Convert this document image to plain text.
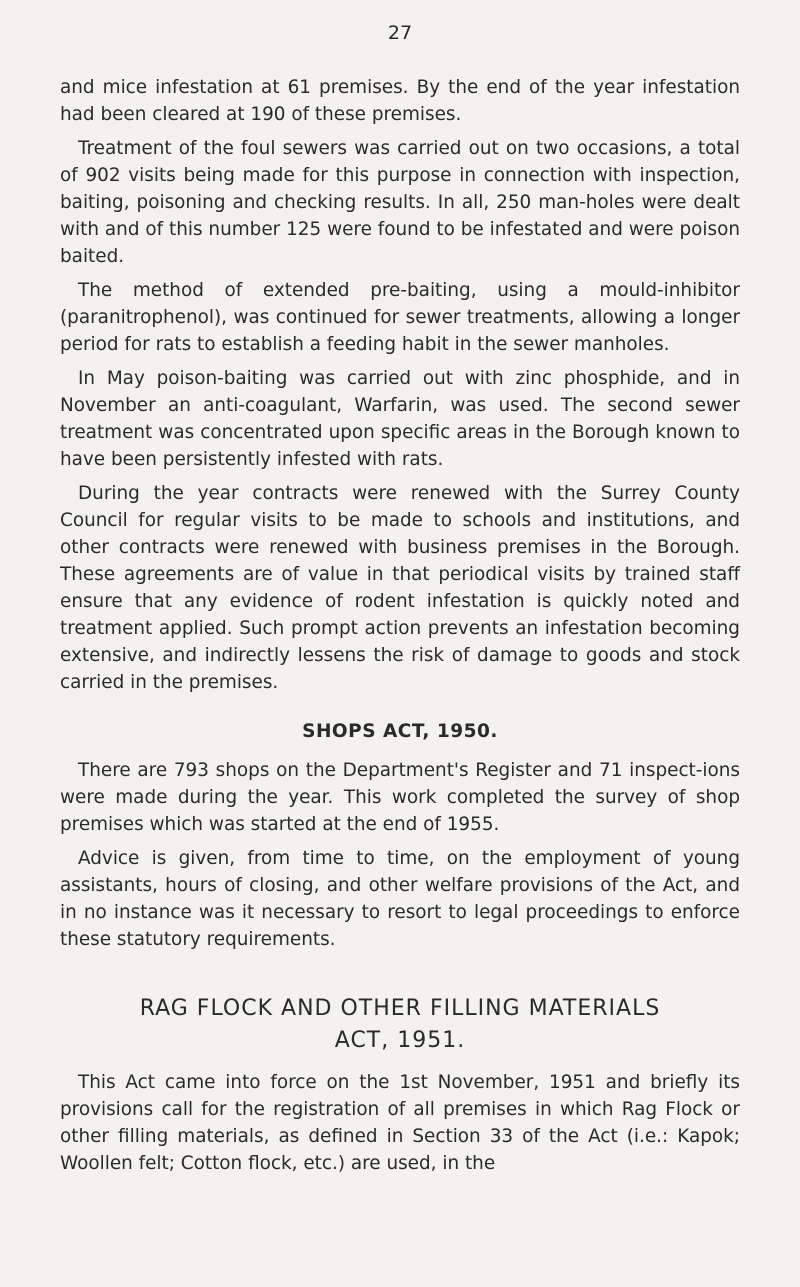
27

and mice infestation at 61 premises. By the end of the year infestation had been cleared at 190 of these premises.

Treatment of the foul sewers was carried out on two occasions, a total of 902 visits being made for this purpose in connection with inspection, baiting, poisoning and checking results. In all, 250 man-holes were dealt with and of this number 125 were found to be infestated and were poison baited.

The method of extended pre-baiting, using a mould-inhibitor (paranitrophenol), was continued for sewer treatments, allowing a longer period for rats to establish a feeding habit in the sewer manholes.

In May poison-baiting was carried out with zinc phosphide, and in November an anti-coagulant, Warfarin, was used. The second sewer treatment was concentrated upon specific areas in the Borough known to have been persistently infested with rats.

During the year contracts were renewed with the Surrey County Council for regular visits to be made to schools and institutions, and other contracts were renewed with business premises in the Borough. These agreements are of value in that periodical visits by trained staff ensure that any evidence of rodent infestation is quickly noted and treatment applied. Such prompt action prevents an infestation becoming extensive, and indirectly lessens the risk of damage to goods and stock carried in the premises.

SHOPS ACT, 1950.

There are 793 shops on the Department's Register and 71 inspect-ions were made during the year. This work completed the survey of shop premises which was started at the end of 1955.

Advice is given, from time to time, on the employment of young assistants, hours of closing, and other welfare provisions of the Act, and in no instance was it necessary to resort to legal proceedings to enforce these statutory requirements.

RAG FLOCK AND OTHER FILLING MATERIALS
ACT, 1951.

This Act came into force on the 1st November, 1951 and briefly its provisions call for the registration of all premises in which Rag Flock or other filling materials, as defined in Section 33 of the Act (i.e.: Kapok; Woollen felt; Cotton flock, etc.) are used, in the
